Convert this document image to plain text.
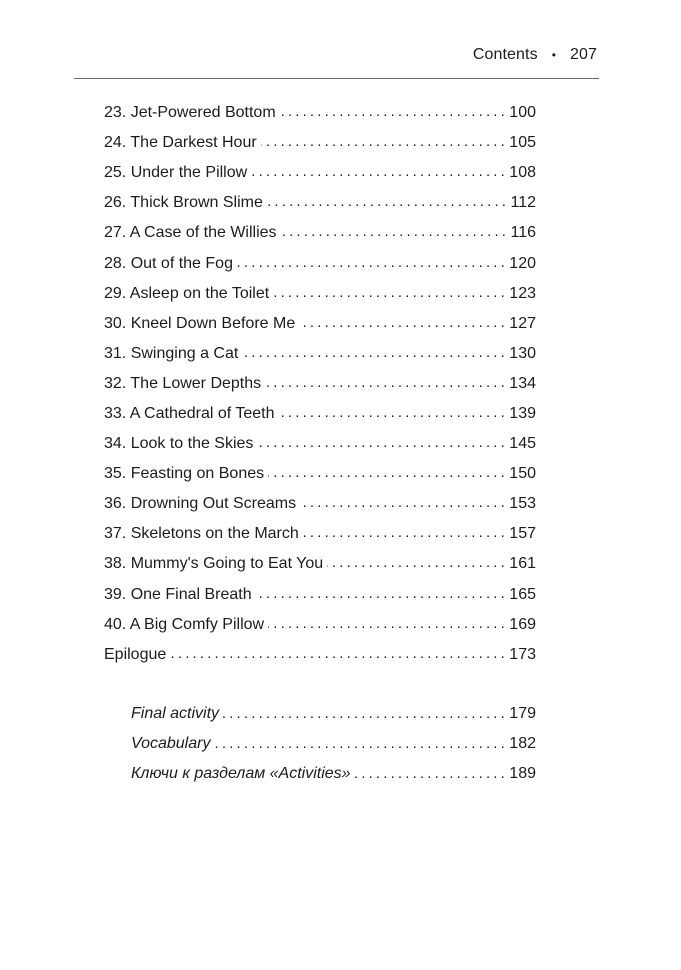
Contents • 207
23. Jet-Powered Bottom . . .	100
24. The Darkest Hour . . .	105
25. Under the Pillow . . .	108
26. Thick Brown Slime . . .	112
27. A Case of the Willies . . .	116
28. Out of the Fog . . .	120
29. Asleep on the Toilet . . .	123
30. Kneel Down Before Me . . .	127
31. Swinging a Cat . . .	130
32. The Lower Depths . . .	134
33. A Cathedral of Teeth . . .	139
34. Look to the Skies . . .	145
35. Feasting on Bones . . .	150
36. Drowning Out Screams . . .	153
37. Skeletons on the March . . .	157
38. Mummy's Going to Eat You . . .	161
39. One Final Breath . . .	165
40. A Big Comfy Pillow . . .	169
Epilogue . . .	173
Final activity . . .	179
Vocabulary . . .	182
Ключи к разделам «Activities» . . .	189
